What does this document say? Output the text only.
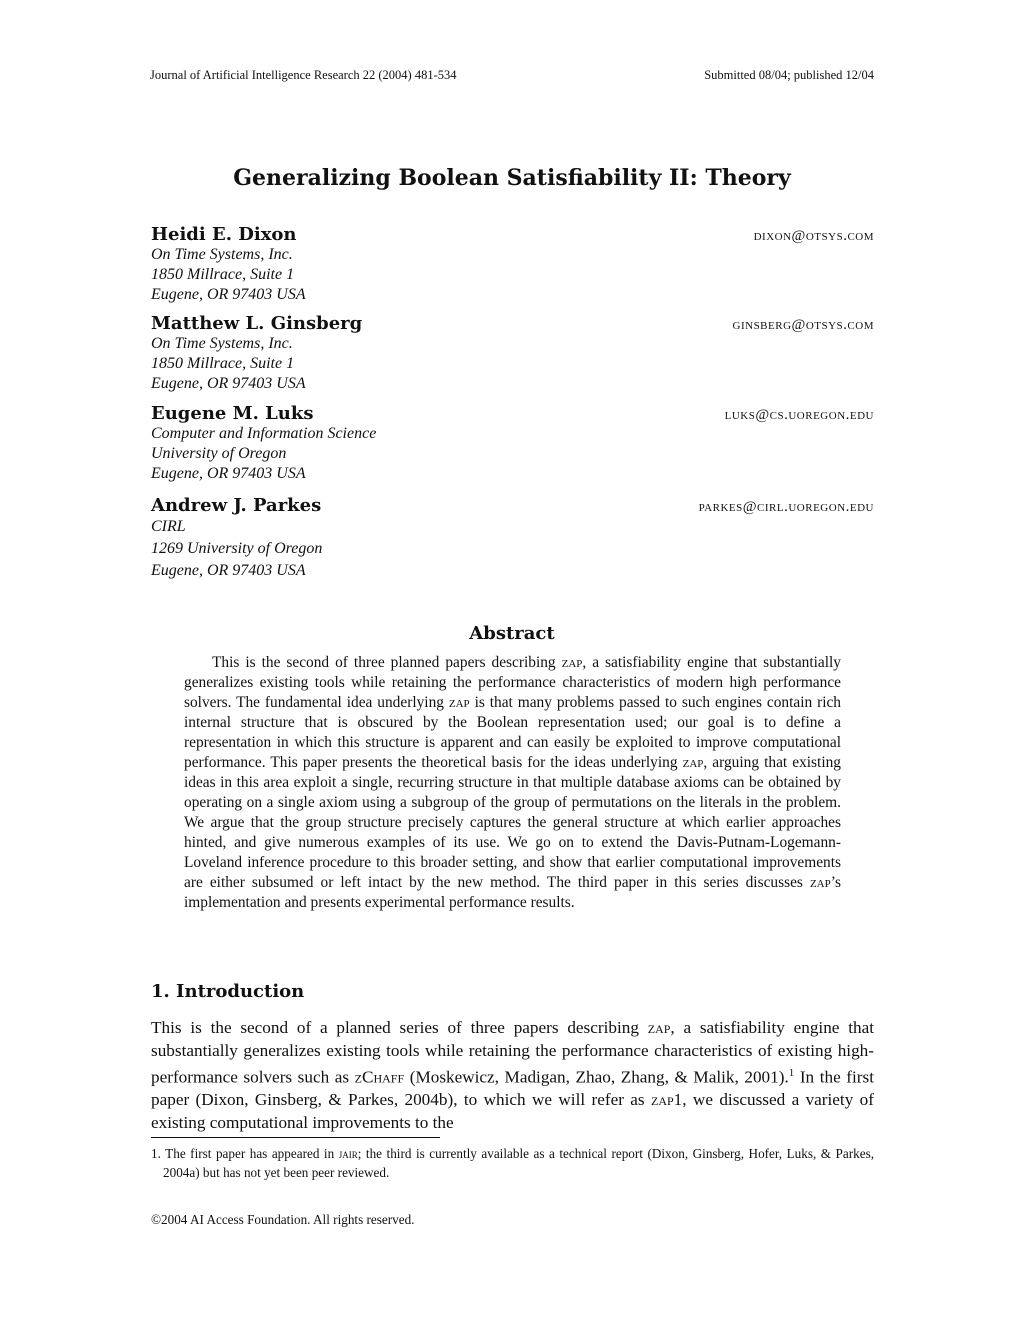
Journal of Artificial Intelligence Research 22 (2004) 481-534	Submitted 08/04; published 12/04
Generalizing Boolean Satisfiability II: Theory
Heidi E. Dixon	dixon@otsys.com
On Time Systems, Inc.
1850 Millrace, Suite 1
Eugene, OR 97403 USA
Matthew L. Ginsberg	ginsberg@otsys.com
On Time Systems, Inc.
1850 Millrace, Suite 1
Eugene, OR 97403 USA
Eugene M. Luks	luks@cs.uoregon.edu
Computer and Information Science
University of Oregon
Eugene, OR 97403 USA
Andrew J. Parkes	parkes@cirl.uoregon.edu
CIRL
1269 University of Oregon
Eugene, OR 97403 USA
Abstract
This is the second of three planned papers describing zap, a satisfiability engine that substantially generalizes existing tools while retaining the performance characteristics of modern high performance solvers. The fundamental idea underlying zap is that many problems passed to such engines contain rich internal structure that is obscured by the Boolean representation used; our goal is to define a representation in which this structure is apparent and can easily be exploited to improve computational performance. This paper presents the theoretical basis for the ideas underlying zap, arguing that existing ideas in this area exploit a single, recurring structure in that multiple database axioms can be obtained by operating on a single axiom using a subgroup of the group of permutations on the literals in the problem. We argue that the group structure precisely captures the general structure at which earlier approaches hinted, and give numerous examples of its use. We go on to extend the Davis-Putnam-Logemann-Loveland inference procedure to this broader setting, and show that earlier computational improvements are either subsumed or left intact by the new method. The third paper in this series discusses zap’s implementation and presents experimental performance results.
1. Introduction
This is the second of a planned series of three papers describing zap, a satisfiability engine that substantially generalizes existing tools while retaining the performance characteristics of existing high-performance solvers such as zChaff (Moskewicz, Madigan, Zhao, Zhang, & Malik, 2001).$^1$ In the first paper (Dixon, Ginsberg, & Parkes, 2004b), to which we will refer as zap1, we discussed a variety of existing computational improvements to the
1. The first paper has appeared in jair; the third is currently available as a technical report (Dixon, Ginsberg, Hofer, Luks, & Parkes, 2004a) but has not yet been peer reviewed.
©2004 AI Access Foundation. All rights reserved.
